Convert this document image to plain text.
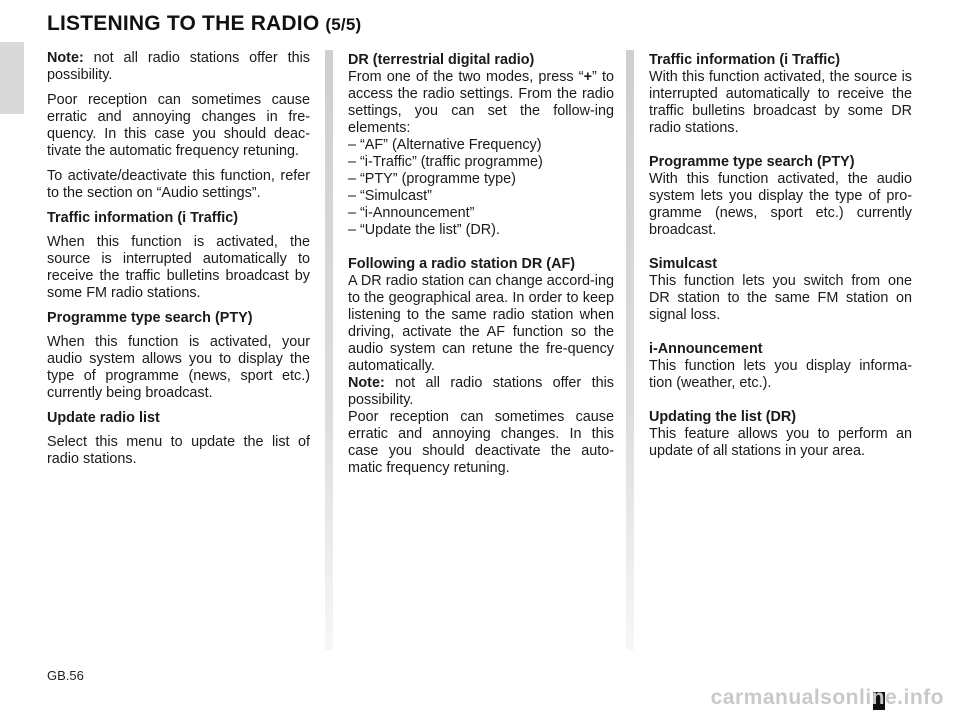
LISTENING TO THE RADIO (5/5)

Note: not all radio stations offer this possibility.

Poor reception can sometimes cause erratic and annoying changes in fre-quency. In this case you should deac-tivate the automatic frequency retuning.

To activate/deactivate this function, refer to the section on “Audio settings”.

Traffic information (i Traffic)

When this function is activated, the source is interrupted automatically to receive the traffic bulletins broadcast by some FM radio stations.

Programme type search (PTY)

When this function is activated, your audio system allows you to display the type of programme (news, sport etc.) currently being broadcast.

Update radio list

Select this menu to update the list of radio stations.

DR (terrestrial digital radio)

From one of the two modes, press “+” to access the radio settings. From the radio settings, you can set the follow-ing elements:

– “AF” (Alternative Frequency)
– “i-Traffic” (traffic programme)
– “PTY” (programme type)
– “Simulcast”
– “i-Announcement”
– “Update the list” (DR).

Following a radio station DR (AF)

A DR radio station can change accord-ing to the geographical area. In order to keep listening to the same radio station when driving, activate the AF function so the audio system can retune the fre-quency automatically.

Note: not all radio stations offer this possibility.

Poor reception can sometimes cause erratic and annoying changes. In this case you should deactivate the auto-matic frequency retuning.

Traffic information (i Traffic)

With this function activated, the source is interrupted automatically to receive the traffic bulletins broadcast by some DR radio stations.

Programme type search (PTY)

With this function activated, the audio system lets you display the type of pro-gramme (news, sport etc.) currently broadcast.

Simulcast

This function lets you switch from one DR station to the same FM station on signal loss.

i-Announcement

This function lets you display informa-tion (weather, etc.).

Updating the list (DR)

This feature allows you to perform an update of all stations in your area.

GB.56
carmanualsonline.info
